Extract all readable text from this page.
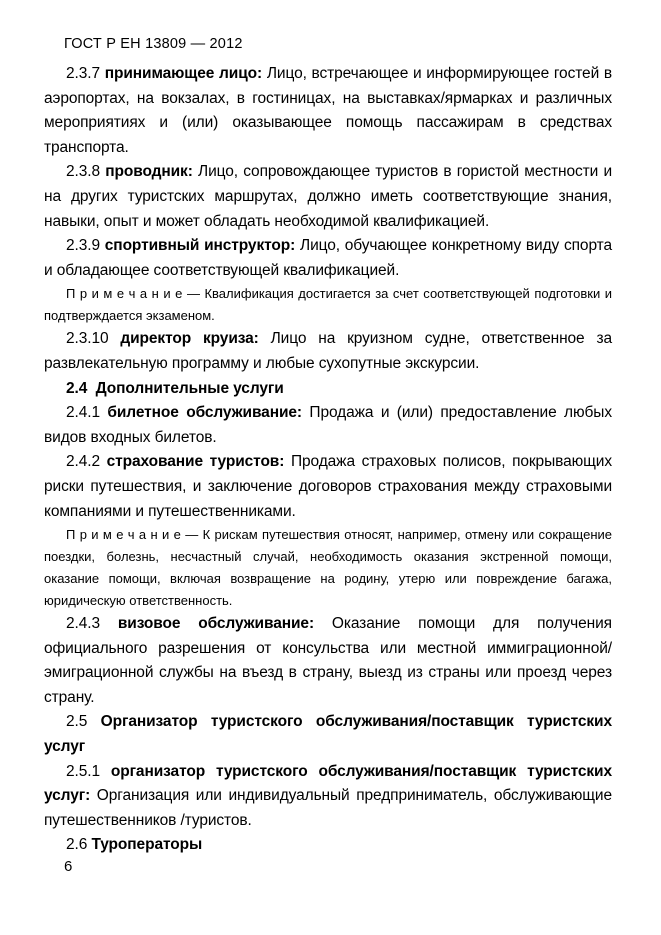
ГОСТ Р ЕН 13809 — 2012

2.3.7 принимающее лицо: Лицо, встречающее и информирующее гостей в аэропортах, на вокзалах, в гостиницах, на выставках/ярмарках и различных мероприятиях и (или) оказывающее помощь пассажирам в средствах транспорта.

2.3.8 проводник: Лицо, сопровождающее туристов в гористой местности и на других туристских маршрутах, должно иметь соответствующие знания, навыки, опыт и может обладать необходимой квалификацией.

2.3.9 спортивный инструктор: Лицо, обучающее конкретному виду спорта и обладающее соответствующей квалификацией.

П р и м е ч а н и е — Квалификация достигается за счет соответствующей подготовки и подтверждается экзаменом.

2.3.10 директор круиза: Лицо на круизном судне, ответственное за развлекательную программу и любые сухопутные экскурсии.

2.4 Дополнительные услуги

2.4.1 билетное обслуживание: Продажа и (или) предоставление любых видов входных билетов.

2.4.2 страхование туристов: Продажа страховых полисов, покрывающих риски путешествия, и заключение договоров страхования между страховыми компаниями и путешественниками.

П р и м е ч а н и е — К рискам путешествия относят, например, отмену или сокращение поездки, болезнь, несчастный случай, необходимость оказания экстренной помощи, оказание помощи, включая возвращение на родину, утерю или повреждение багажа, юридическую ответственность.

2.4.3 визовое обслуживание: Оказание помощи для получения официального разрешения от консульства или местной иммиграционной/эмиграционной службы на въезд в страну, выезд из страны или проезд через страну.

2.5 Организатор туристского обслуживания/поставщик туристских услуг

2.5.1 организатор туристского обслуживания/поставщик туристских услуг: Организация или индивидуальный предприниматель, обслуживающие путешественников /туристов.

2.6 Туроператоры

6
